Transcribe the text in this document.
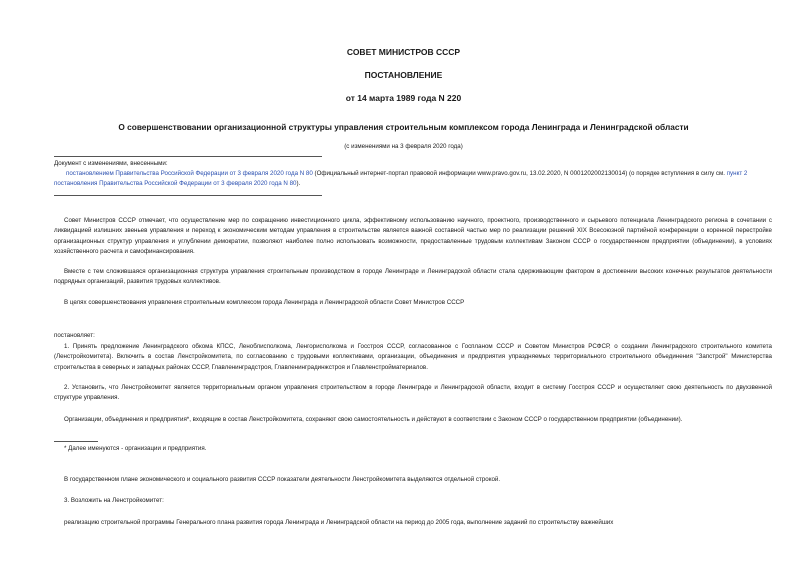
СОВЕТ МИНИСТРОВ СССР
ПОСТАНОВЛЕНИЕ
от 14 марта 1989 года N 220
О совершенствовании организационной структуры управления строительным комплексом города Ленинграда и Ленинградской области
(с изменениями на 3 февраля 2020 года)
Документ с изменениями, внесенными:
постановлением Правительства Российской Федерации от 3 февраля 2020 года N 80 (Официальный интернет-портал правовой информации www.pravo.gov.ru, 13.02.2020, N 0001202002130014) (о порядке вступления в силу см. пункт 2 постановления Правительства Российской Федерации от 3 февраля 2020 года N 80).
Совет Министров СССР отмечает, что осуществление мер по сокращению инвестиционного цикла, эффективному использованию научного, проектного, производственного и сырьевого потенциала Ленинградского региона в сочетании с ликвидацией излишних звеньев управления и переход к экономическим методам управления в строительстве является важной составной частью мер по реализации решений XIX Всесоюзной партийной конференции о коренной перестройке организационных структур управления и углублении демократии, позволяют наиболее полно использовать возможности, предоставленные трудовым коллективам Законом СССР о государственном предприятии (объединении), в условиях хозяйственного расчета и самофинансирования.
Вместе с тем сложившаяся организационная структура управления строительным производством в городе Ленинграде и Ленинградской области стала сдерживающим фактором в достижении высоких конечных результатов деятельности подрядных организаций, развития трудовых коллективов.
В целях совершенствования управления строительным комплексом города Ленинграда и Ленинградской области Совет Министров СССР
постановляет:
1. Принять предложение Ленинградского обкома КПСС, Леноблисполкома, Ленгорисполкома и Госстроя СССР, согласованное с Госпланом СССР и Советом Министров РСФСР, о создании Ленинградского строительного комитета (Ленстройкомитета). Включить в состав Ленстройкомитета, по согласованию с трудовыми коллективами, организации, объединения и предприятия упраздняемых территориального строительного объединения "Запстрой" Министерства строительства в северных и западных районах СССР, Главленинградстроя, Главленинградинжстроя и Главленстройматериалов.
2. Установить, что Ленстройкомитет является территориальным органом управления строительством в городе Ленинграде и Ленинградской области, входит в систему Госстроя СССР и осуществляет свою деятельность по двухзвенной структуре управления.
Организации, объединения и предприятия*, входящие в состав Ленстройкомитета, сохраняют свою самостоятельность и действуют в соответствии с Законом СССР о государственном предприятии (объединении).
* Далее именуются - организации и предприятия.
В государственном плане экономического и социального развития СССР показатели деятельности Ленстройкомитета выделяются отдельной строкой.
3. Возложить на Ленстройкомитет:
реализацию строительной программы Генерального плана развития города Ленинграда и Ленинградской области на период до 2005 года, выполнение заданий по строительству важнейших
